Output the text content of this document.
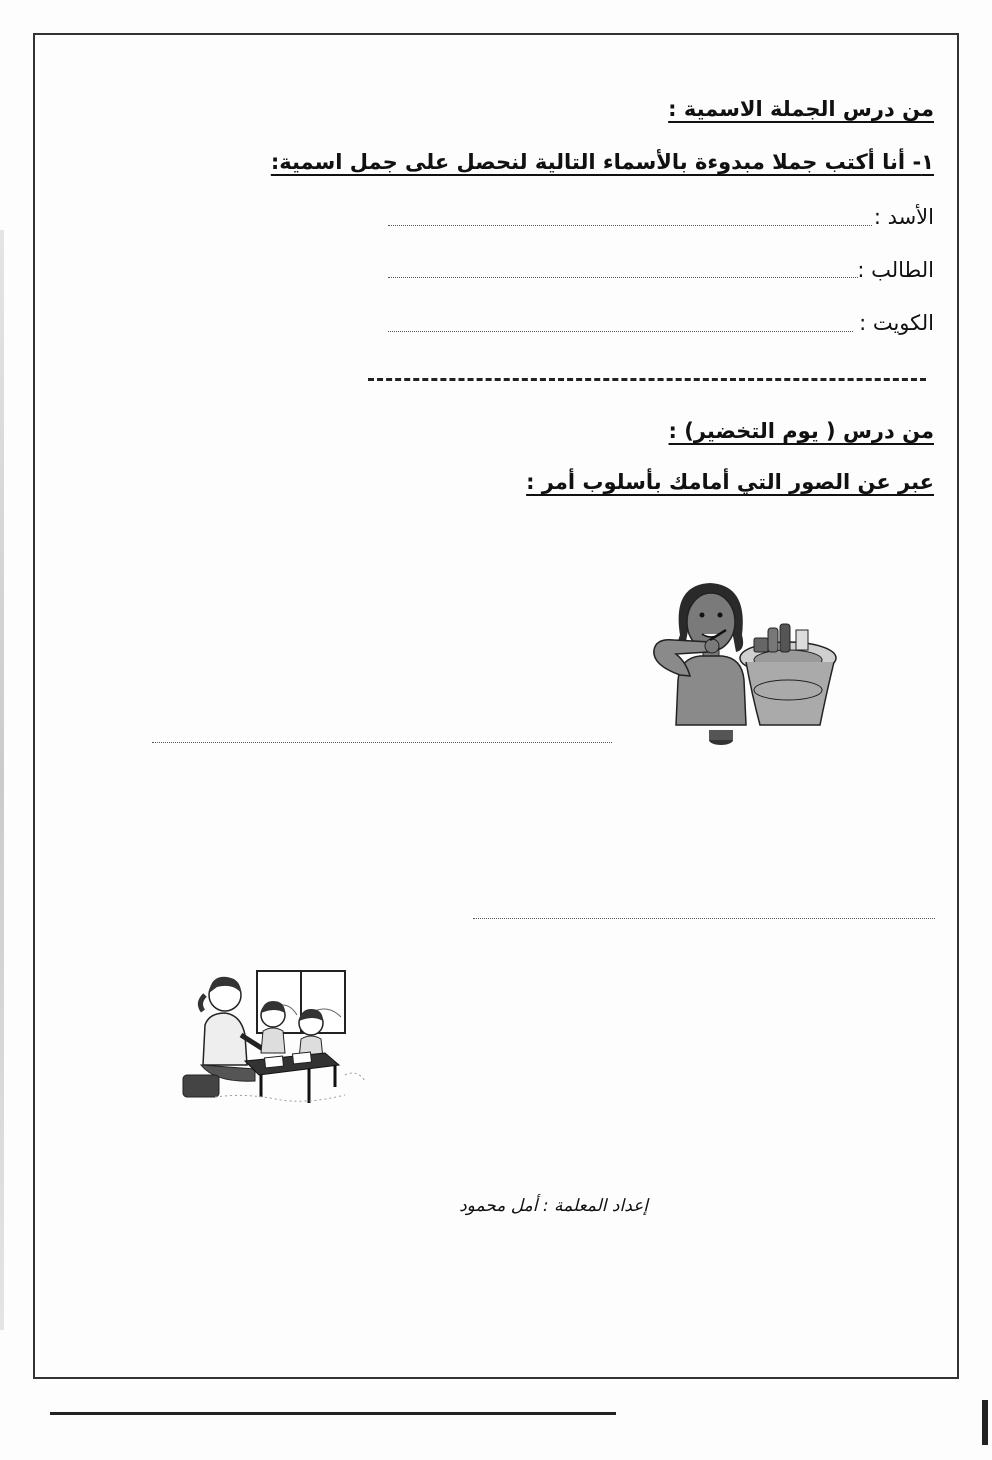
من درس الجملة الاسمية :
١- أنا أكتب جملا مبدوءة بالأسماء التالية لنحصل على جمل اسمية:
الأسد :
الطالب :
الكويت :
من درس ( يوم التخضير) :
عبر عن الصور التي أمامك بأسلوب أمر :
إعداد المعلمة : أمل محمود
